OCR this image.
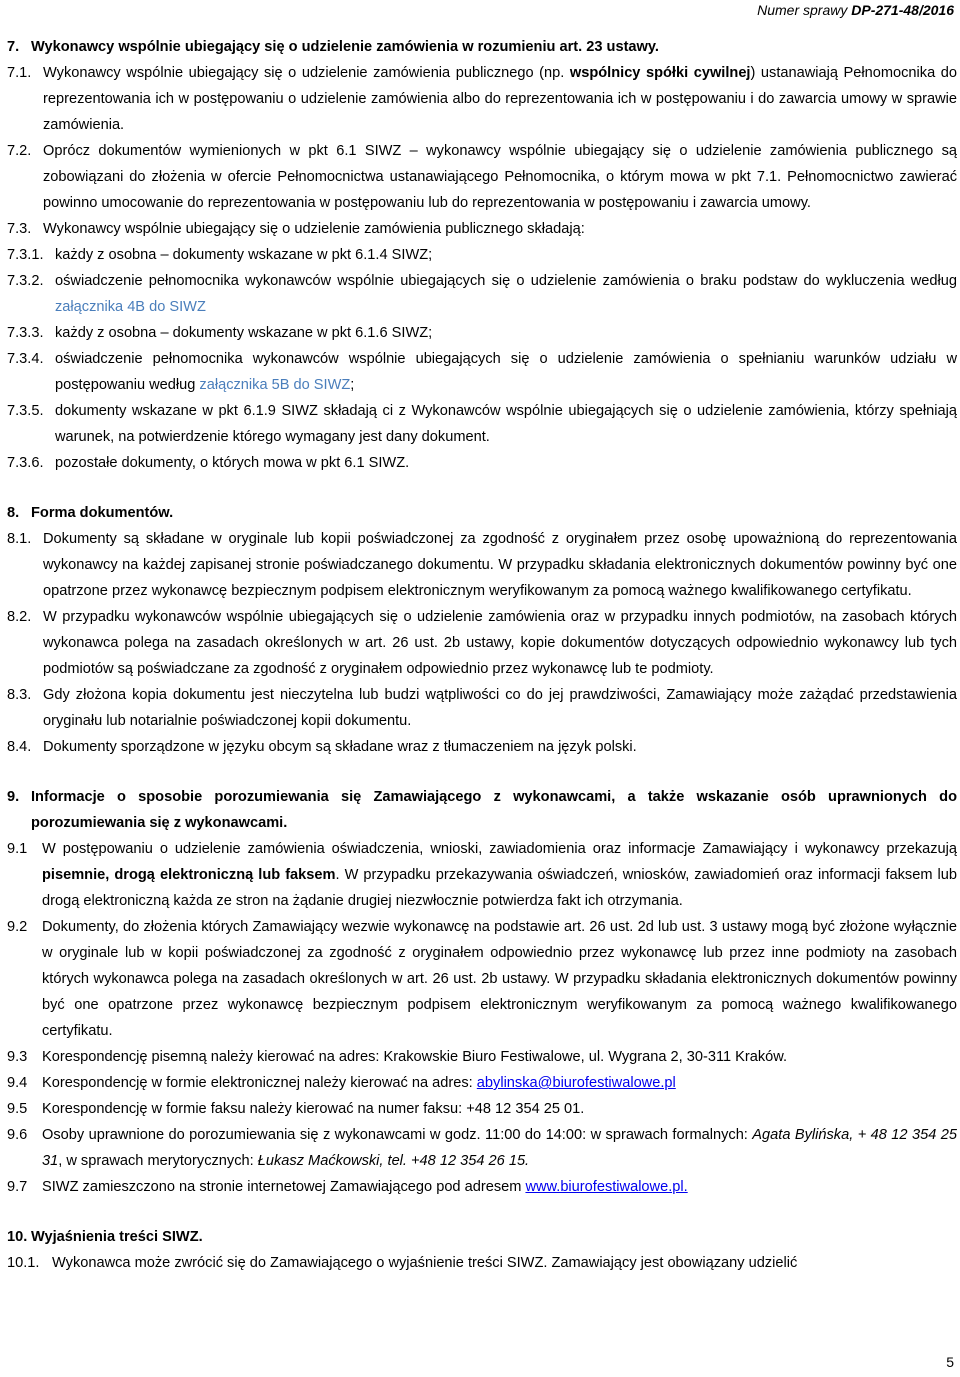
Numer sprawy DP-271-48/2016
7. Wykonawcy wspólnie ubiegający się o udzielenie zamówienia w rozumieniu art. 23 ustawy.
7.1. Wykonawcy wspólnie ubiegający się o udzielenie zamówienia publicznego (np. wspólnicy spółki cywilnej) ustanawiają Pełnomocnika do reprezentowania ich w postępowaniu o udzielenie zamówienia albo do reprezentowania ich w postępowaniu i do zawarcia umowy w sprawie zamówienia.
7.2. Oprócz dokumentów wymienionych w pkt 6.1 SIWZ – wykonawcy wspólnie ubiegający się o udzielenie zamówienia publicznego są zobowiązani do złożenia w ofercie Pełnomocnictwa ustanawiającego Pełnomocnika, o którym mowa w pkt 7.1. Pełnomocnictwo zawierać powinno umocowanie do reprezentowania w postępowaniu lub do reprezentowania w postępowaniu i zawarcia umowy.
7.3. Wykonawcy wspólnie ubiegający się o udzielenie zamówienia publicznego składają:
7.3.1. każdy z osobna – dokumenty wskazane w pkt 6.1.4 SIWZ;
7.3.2. oświadczenie pełnomocnika wykonawców wspólnie ubiegających się o udzielenie zamówienia o braku podstaw do wykluczenia według załącznika 4B do SIWZ
7.3.3. każdy z osobna – dokumenty wskazane w pkt 6.1.6 SIWZ;
7.3.4. oświadczenie pełnomocnika wykonawców wspólnie ubiegających się o udzielenie zamówienia o spełnianiu warunków udziału w postępowaniu według załącznika 5B do SIWZ;
7.3.5. dokumenty wskazane w pkt 6.1.9 SIWZ składają ci z Wykonawców wspólnie ubiegających się o udzielenie zamówienia, którzy spełniają warunek, na potwierdzenie którego wymagany jest dany dokument.
7.3.6. pozostałe dokumenty, o których mowa w pkt 6.1 SIWZ.
8. Forma dokumentów.
8.1. Dokumenty są składane w oryginale lub kopii poświadczonej za zgodność z oryginałem przez osobę upoważnioną do reprezentowania wykonawcy na każdej zapisanej stronie poświadczanego dokumentu. W przypadku składania elektronicznych dokumentów powinny być one opatrzone przez wykonawcę bezpiecznym podpisem elektronicznym weryfikowanym za pomocą ważnego kwalifikowanego certyfikatu.
8.2. W przypadku wykonawców wspólnie ubiegających się o udzielenie zamówienia oraz w przypadku innych podmiotów, na zasobach których wykonawca polega na zasadach określonych w art. 26 ust. 2b ustawy, kopie dokumentów dotyczących odpowiednio wykonawcy lub tych podmiotów są poświadczane za zgodność z oryginałem odpowiednio przez wykonawcę lub te podmioty.
8.3. Gdy złożona kopia dokumentu jest nieczytelna lub budzi wątpliwości co do jej prawdziwości, Zamawiający może zażądać przedstawienia oryginału lub notarialnie poświadczonej kopii dokumentu.
8.4. Dokumenty sporządzone w języku obcym są składane wraz z tłumaczeniem na język polski.
9. Informacje o sposobie porozumiewania się Zamawiającego z wykonawcami, a także wskazanie osób uprawnionych do porozumiewania się z wykonawcami.
9.1	W postępowaniu o udzielenie zamówienia oświadczenia, wnioski, zawiadomienia oraz informacje Zamawiający i wykonawcy przekazują pisemnie, drogą elektroniczną lub faksem. W przypadku przekazywania oświadczeń, wniosków, zawiadomień oraz informacji faksem lub drogą elektroniczną każda ze stron na żądanie drugiej niezwłocznie potwierdza fakt ich otrzymania.
9.2	Dokumenty, do złożenia których Zamawiający wezwie wykonawcę na podstawie art. 26 ust. 2d lub ust. 3 ustawy mogą być złożone wyłącznie w oryginale lub w kopii poświadczonej za zgodność z oryginałem odpowiednio przez wykonawcę lub przez inne podmioty na zasobach których wykonawca polega na zasadach określonych w art. 26 ust. 2b ustawy. W przypadku składania elektronicznych dokumentów powinny być one opatrzone przez wykonawcę bezpiecznym podpisem elektronicznym weryfikowanym za pomocą ważnego kwalifikowanego certyfikatu.
9.3	Korespondencję pisemną należy kierować na adres: Krakowskie Biuro Festiwalowe, ul. Wygrana 2, 30-311 Kraków.
9.4	Korespondencję w formie elektronicznej należy kierować na adres: abylinska@biurofestiwalowe.pl
9.5	Korespondencję w formie faksu należy kierować na numer faksu: +48 12 354 25 01.
9.6	Osoby uprawnione do porozumiewania się z wykonawcami w godz. 11:00 do 14:00: w sprawach formalnych: Agata Bylińska, + 48 12 354 25 31, w sprawach merytorycznych: Łukasz Maćkowski, tel. +48 12 354 26 15.
9.7	SIWZ zamieszczono na stronie internetowej Zamawiającego pod adresem www.biurofestiwalowe.pl.
10. Wyjaśnienia treści SIWZ.
10.1. Wykonawca może zwrócić się do Zamawiającego o wyjaśnienie treści SIWZ. Zamawiający jest obowiązany udzielić
5
